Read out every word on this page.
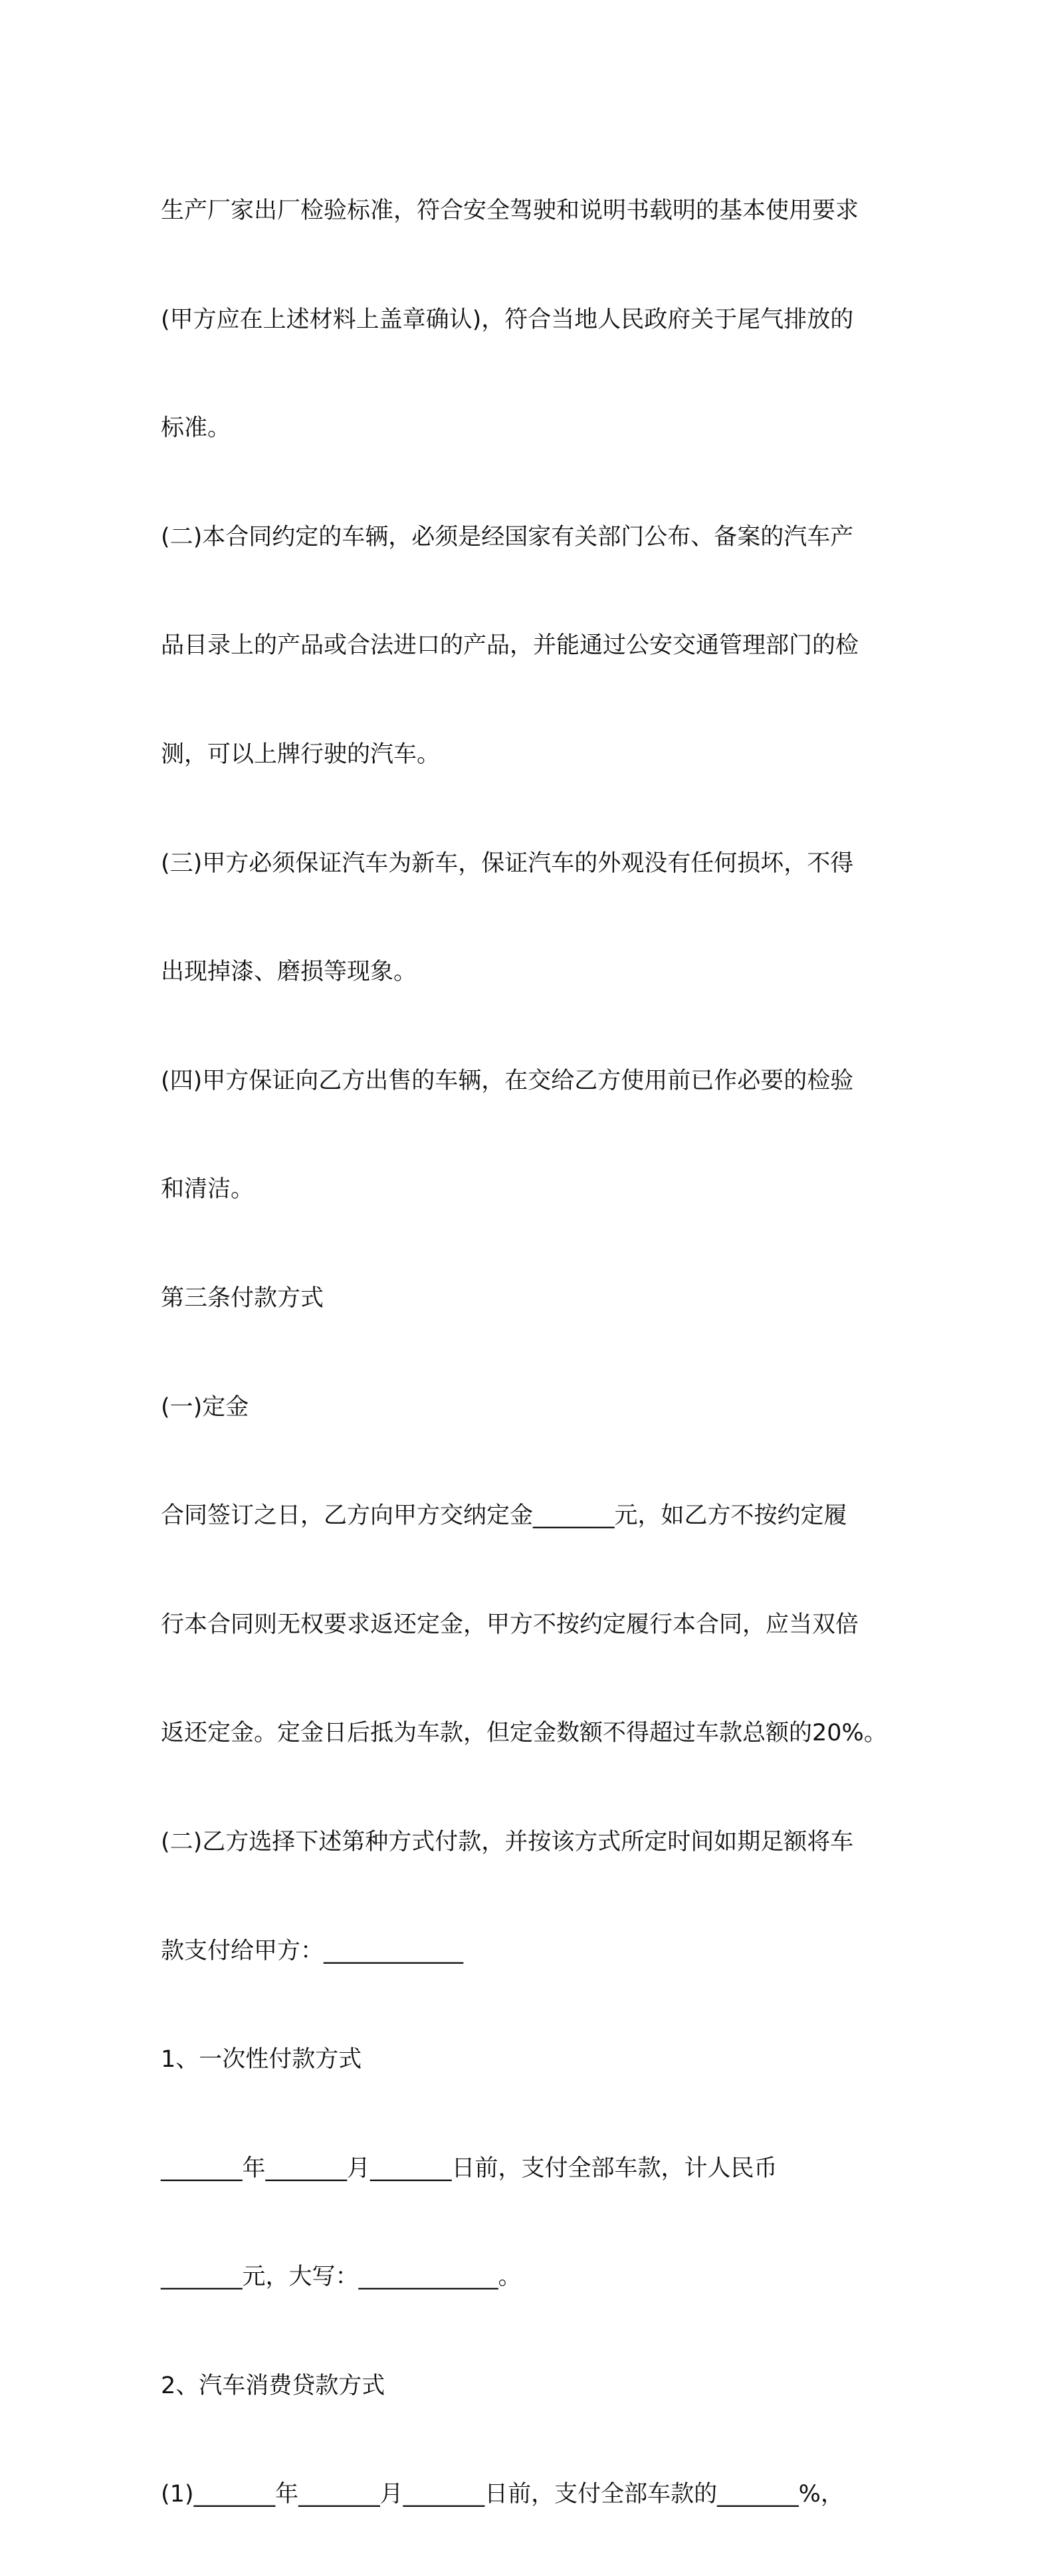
生产厂家出厂检验标准，符合安全驾驶和说明书载明的基本使用要求

(甲方应在上述材料上盖章确认)，符合当地人民政府关于尾气排放的

标准。

(二)本合同约定的车辆，必须是经国家有关部门公布、备案的汽车产

品目录上的产品或合法进口的产品，并能通过公安交通管理部门的检

测，可以上牌行驶的汽车。

(三)甲方必须保证汽车为新车，保证汽车的外观没有任何损坏，不得

出现掉漆、磨损等现象。

(四)甲方保证向乙方出售的车辆，在交给乙方使用前已作必要的检验

和清洁。

第三条付款方式

(一)定金

合同签订之日，乙方向甲方交纳定金_______元，如乙方不按约定履

行本合同则无权要求返还定金，甲方不按约定履行本合同，应当双倍

返还定金。定金日后抵为车款，但定金数额不得超过车款总额的20%。

(二)乙方选择下述第种方式付款，并按该方式所定时间如期足额将车

款支付给甲方：____________

1、一次性付款方式

_______年_______月_______日前，支付全部车款，计人民币

_______元，大写：____________。

2、汽车消费贷款方式

(1)_______年_______月_______日前，支付全部车款的_______%，
